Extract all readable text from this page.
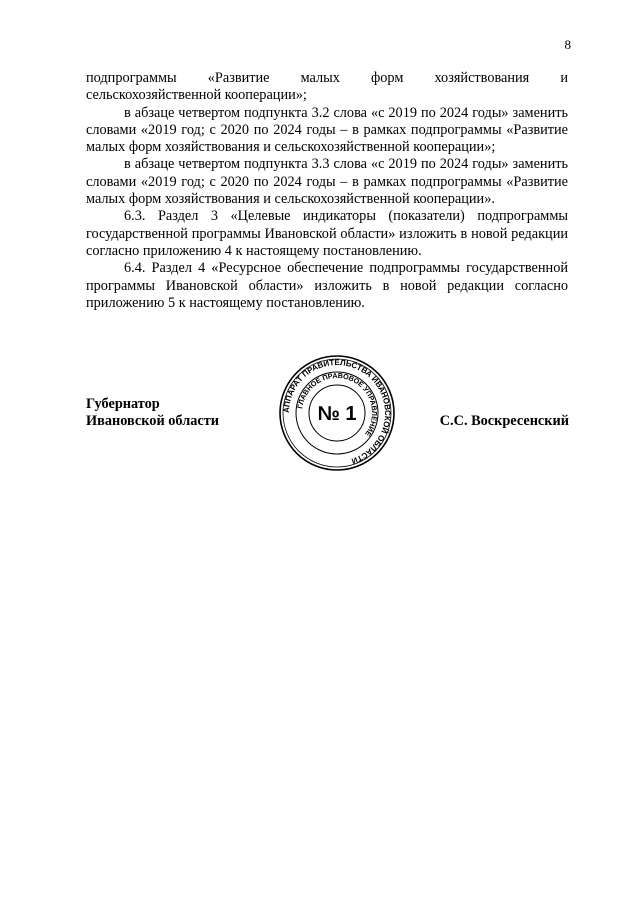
8

подпрограммы «Развитие малых форм хозяйствования и сельскохозяйственной кооперации»;

в абзаце четвертом подпункта 3.2 слова «с 2019 по 2024 годы» заменить словами «2019 год; с 2020 по 2024 годы – в рамках подпрограммы «Развитие малых форм хозяйствования и сельскохозяйственной кооперации»;

в абзаце четвертом подпункта 3.3 слова «с 2019 по 2024 годы» заменить словами «2019 год; с 2020 по 2024 годы – в рамках подпрограммы «Развитие малых форм хозяйствования и сельскохозяйственной кооперации».

6.3. Раздел 3 «Целевые индикаторы (показатели) подпрограммы государственной программы Ивановской области» изложить в новой редакции согласно приложению 4 к настоящему постановлению.

6.4. Раздел 4 «Ресурсное обеспечение подпрограммы государственной программы Ивановской области» изложить в новой редакции согласно приложению 5 к настоящему постановлению.

Губернатор
Ивановской области	С.С. Воскресенский
АППАРАТ ПРАВИТЕЛЬСТВА ИВАНОВСКОЙ ОБЛАСТИ
ГЛАВНОЕ ПРАВОВОЕ УПРАВЛЕНИЕ
№ 1
